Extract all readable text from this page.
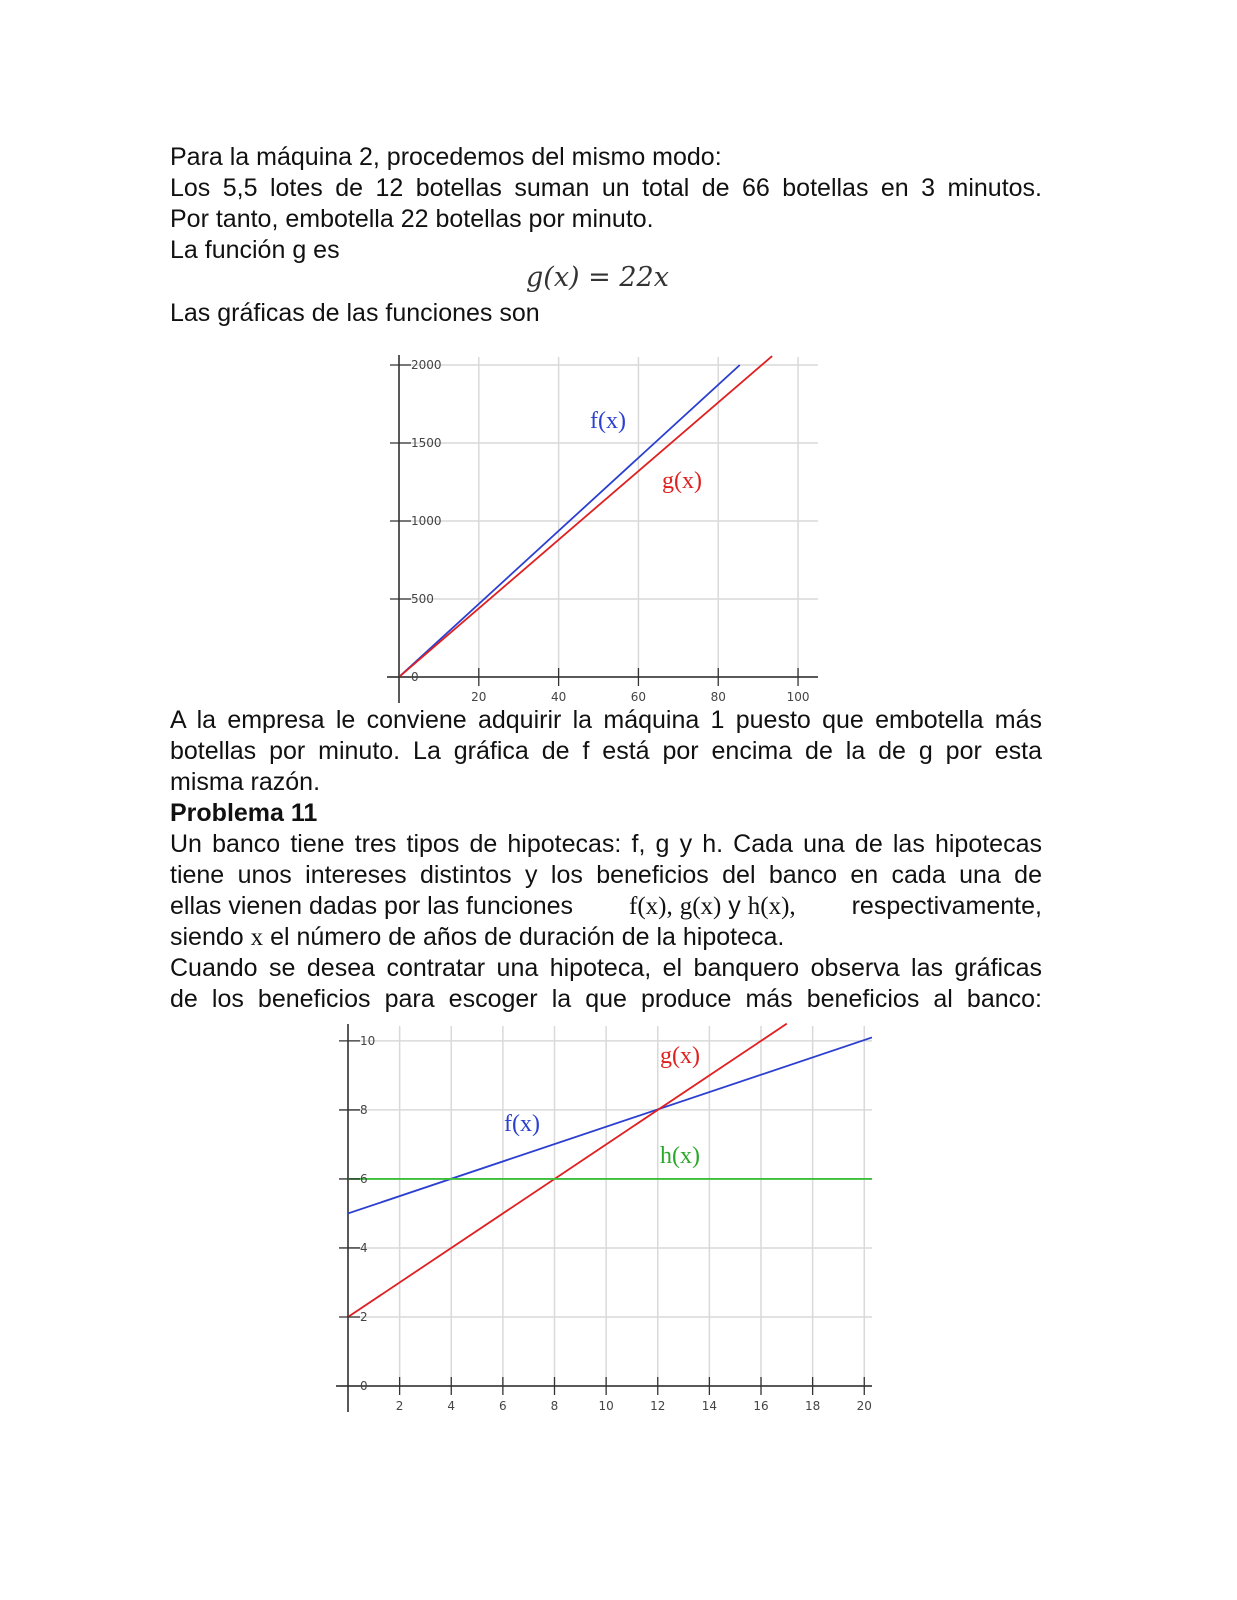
Para la máquina 2, procedemos del mismo modo:
Los 5,5 lotes de 12 botellas suman un total de 66 botellas en 3 minutos.
Por tanto, embotella 22 botellas por minuto.
La función g es
g(x) = 22x
Las gráficas de las funciones son
20	40	60	80	100
0
500
1000
1500
2000
f(x)
g(x)
A la empresa le conviene adquirir la máquina 1 puesto que embotella más
botellas por minuto. La gráfica de f está por encima de la de g por esta
misma razón.
Problema 11
Un banco tiene tres tipos de hipotecas: f, g y h. Cada una de las hipotecas
tiene unos intereses distintos y los beneficios del banco en cada una de
ellas vienen dadas por las funciones f(x), g(x) y h(x), respectivamente,
siendo x el número de años de duración de la hipoteca.
Cuando se desea contratar una hipoteca, el banquero observa las gráficas
de los beneficios para escoger la que produce más beneficios al banco:
2	4	6	8	10	12	14	16	18	20
0
2
4
6
8
10
f(x)
g(x)
h(x)
